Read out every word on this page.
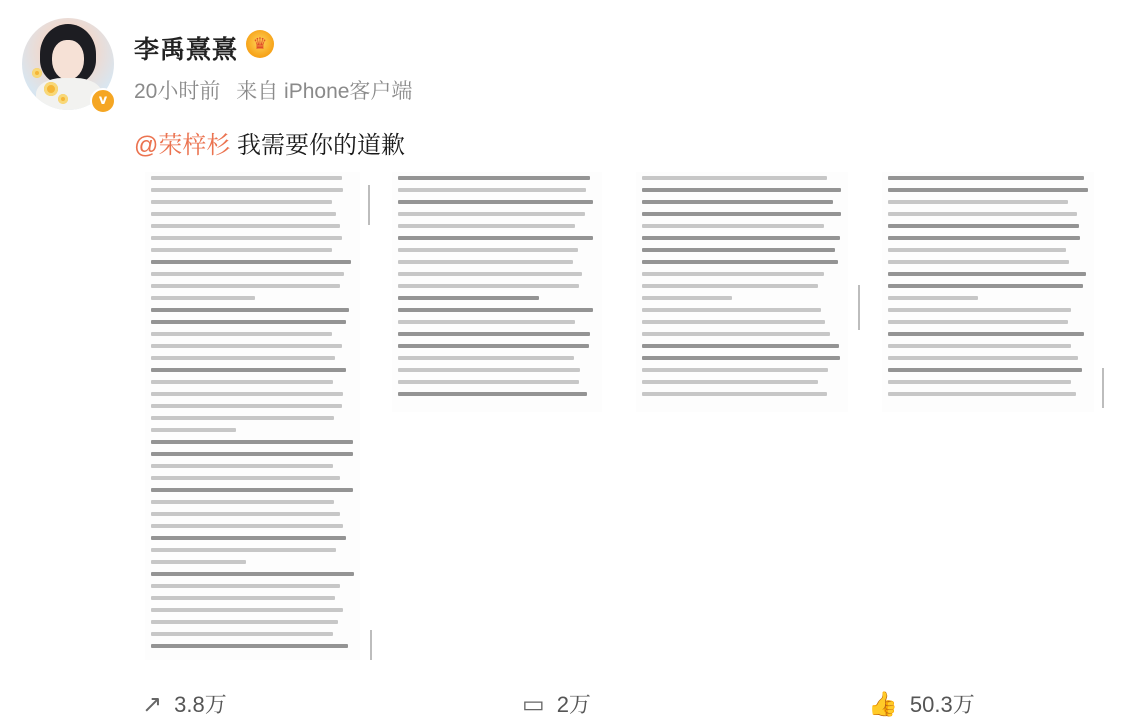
v
李禹熹熹 ♛
20小时前 来自 iPhone客户端
@荣梓杉 我需要你的道歉
↗ 3.8万	▭ 2万	👍 50.3万
